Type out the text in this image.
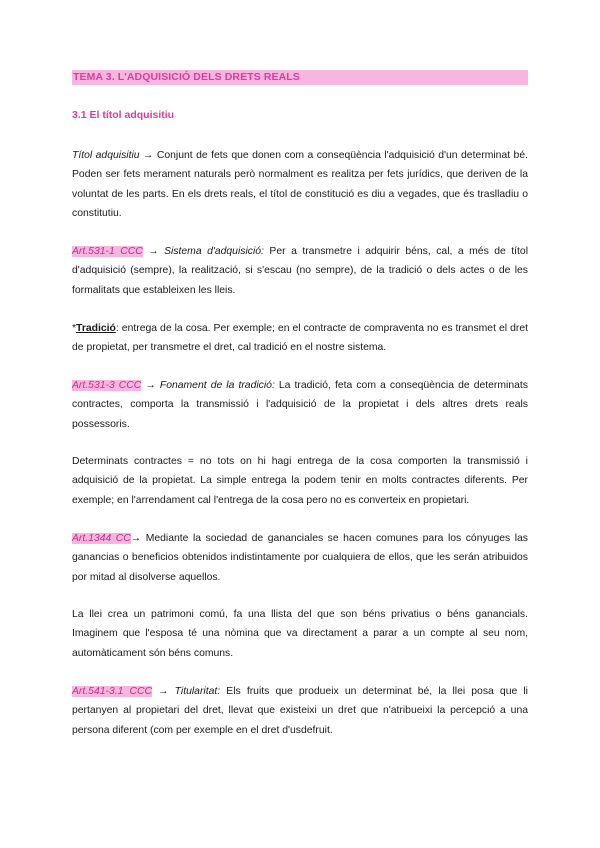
TEMA 3. L'ADQUISICIÓ DELS DRETS REALS
3.1 El títol adquisitiu

Títol adquisitiu → Conjunt de fets que donen com a conseqüència l'adquisició d'un determinat bé. Poden ser fets merament naturals però normalment es realitza per fets jurídics, que deriven de la voluntat de les parts. En els drets reals, el títol de constitució es diu a vegades, que és traslladiu o constitutiu.

Art.531-1 CCC → Sistema d'adquisició: Per a transmetre i adquirir béns, cal, a més de títol d'adquisició (sempre), la realització, si s'escau (no sempre), de la tradició o dels actes o de les formalitats que estableixen les lleis.

*Tradició: entrega de la cosa. Per exemple; en el contracte de compraventa no es transmet el dret de propietat, per transmetre el dret, cal tradició en el nostre sistema.

Art.531-3 CCC → Fonament de la tradició: La tradició, feta com a conseqüència de determinats contractes, comporta la transmissió i l'adquisició de la propietat i dels altres drets reals possessoris.

Determinats contractes = no tots on hi hagi entrega de la cosa comporten la transmissió i adquisició de la propietat. La simple entrega la podem tenir en molts contractes diferents. Per exemple; en l'arrendament cal l'entrega de la cosa pero no es converteix en propietari.

Art.1344 CC→ Mediante la sociedad de gananciales se hacen comunes para los cónyuges las ganancias o beneficios obtenidos indistintamente por cualquiera de ellos, que les serán atribuidos por mitad al disolverse aquellos.

La llei crea un patrimoni comú, fa una llista del que son béns privatius o béns ganancials. Imaginem que l'esposa té una nòmina que va directament a parar a un compte al seu nom, automàticament són béns comuns.

Art.541-3.1 CCC → Titularitat: Els fruits que produeix un determinat bé, la llei posa que li pertanyen al propietari del dret, llevat que existeixi un dret que n'atribueixi la percepció a una persona diferent (com per exemple en el dret d'usdefruit.
